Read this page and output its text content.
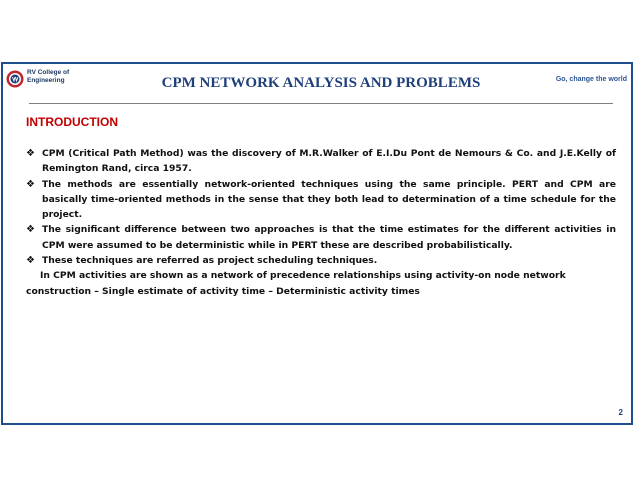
RV College of Engineering	CPM NETWORK ANALYSIS AND PROBLEMS	Go, change the world
INTRODUCTION
❖ CPM (Critical Path Method) was the discovery of M.R.Walker of E.I.Du Pont de Nemours & Co. and J.E.Kelly of Remington Rand, circa 1957.
❖ The methods are essentially network-oriented techniques using the same principle. PERT and CPM are basically time-oriented methods in the sense that they both lead to determination of a time schedule for the project.
❖ The significant difference between two approaches is that the time estimates for the different activities in CPM were assumed to be deterministic while in PERT these are described probabilistically.
❖ These techniques are referred as project scheduling techniques.
In CPM activities are shown as a network of precedence relationships using activity-on node network
construction – Single estimate of activity time – Deterministic activity times
2
